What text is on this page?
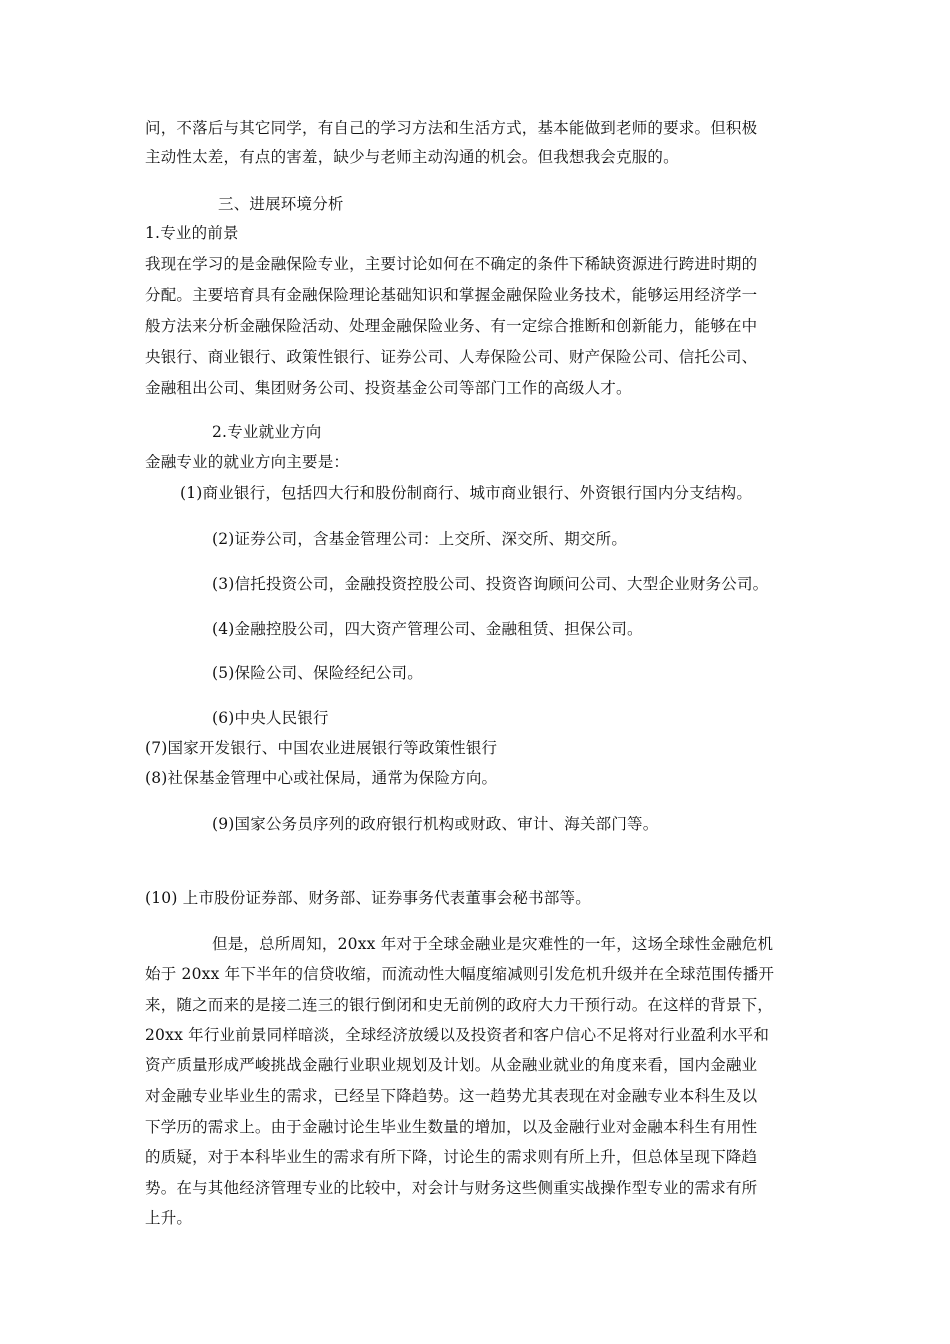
问，不落后与其它同学，有自己的学习方法和生活方式，基本能做到老师的要求。但积极
主动性太差，有点的害羞，缺少与老师主动沟通的机会。但我想我会克服的。
三、进展环境分析
1.专业的前景
我现在学习的是金融保险专业，主要讨论如何在不确定的条件下稀缺资源进行跨进时期的
分配。主要培育具有金融保险理论基础知识和掌握金融保险业务技术，能够运用经济学一
般方法来分析金融保险活动、处理金融保险业务、有一定综合推断和创新能力，能够在中
央银行、商业银行、政策性银行、证券公司、人寿保险公司、财产保险公司、信托公司、
金融租出公司、集团财务公司、投资基金公司等部门工作的高级人才。
2.专业就业方向
金融专业的就业方向主要是：
(1)商业银行，包括四大行和股份制商行、城市商业银行、外资银行国内分支结构。
(2)证券公司，含基金管理公司：上交所、深交所、期交所。
(3)信托投资公司，金融投资控股公司、投资咨询顾问公司、大型企业财务公司。
(4)金融控股公司，四大资产管理公司、金融租赁、担保公司。
(5)保险公司、保险经纪公司。
(6)中央人民银行
(7)国家开发银行、中国农业进展银行等政策性银行
(8)社保基金管理中心或社保局，通常为保险方向。
(9)国家公务员序列的政府银行机构或财政、审计、海关部门等。
(10) 上市股份证券部、财务部、证券事务代表董事会秘书部等。
但是，总所周知，20xx 年对于全球金融业是灾难性的一年，这场全球性金融危机
始于 20xx 年下半年的信贷收缩，而流动性大幅度缩减则引发危机升级并在全球范围传播开
来，随之而来的是接二连三的银行倒闭和史无前例的政府大力干预行动。在这样的背景下，
20xx 年行业前景同样暗淡，全球经济放缓以及投资者和客户信心不足将对行业盈利水平和
资产质量形成严峻挑战金融行业职业规划及计划。从金融业就业的角度来看，国内金融业
对金融专业毕业生的需求，已经呈下降趋势。这一趋势尤其表现在对金融专业本科生及以
下学历的需求上。由于金融讨论生毕业生数量的增加，以及金融行业对金融本科生有用性
的质疑，对于本科毕业生的需求有所下降，讨论生的需求则有所上升，但总体呈现下降趋
势。在与其他经济管理专业的比较中，对会计与财务这些侧重实战操作型专业的需求有所
上升。
